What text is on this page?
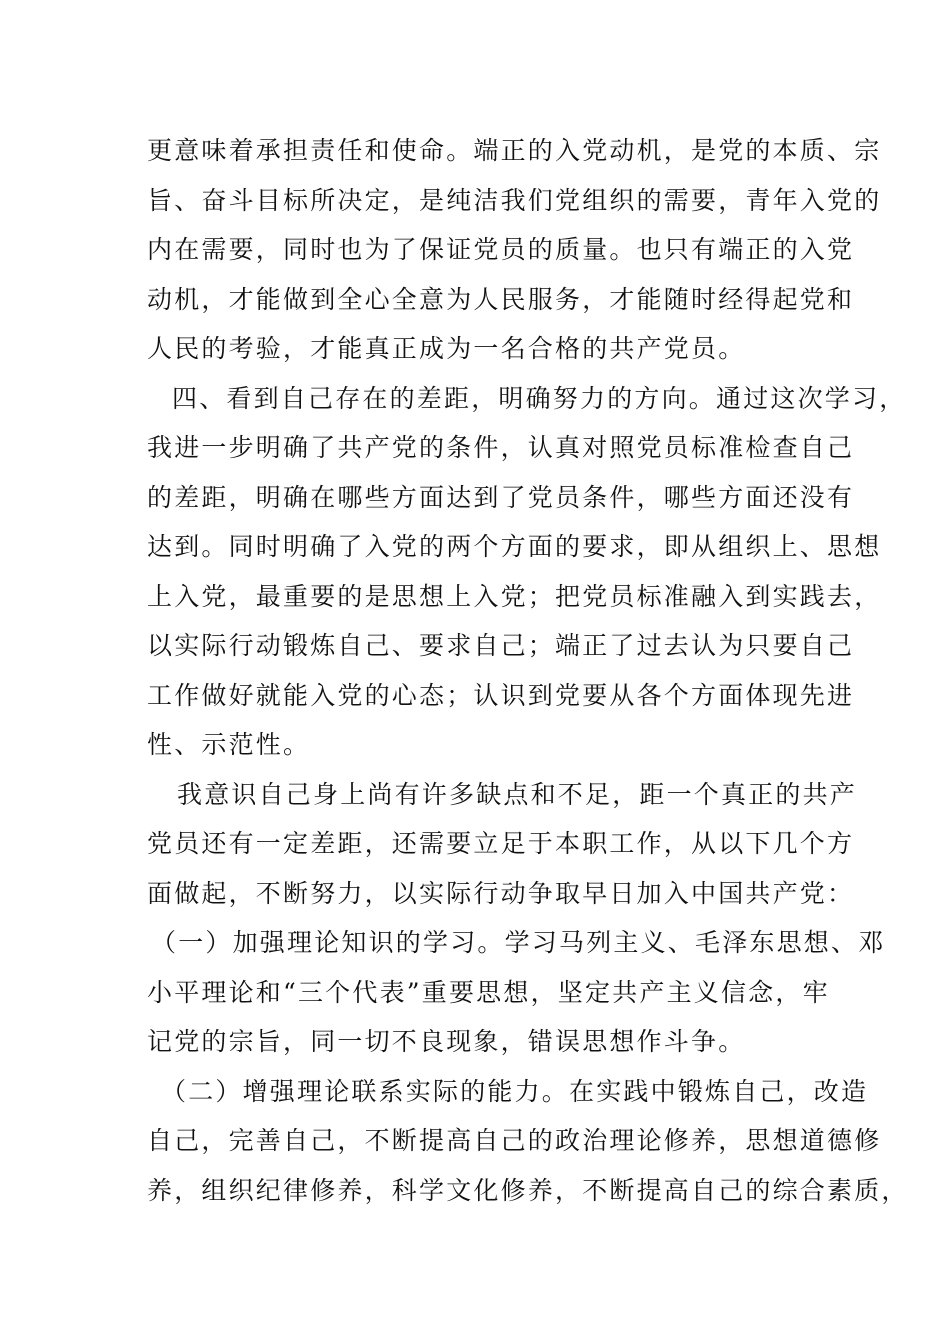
更意味着承担责任和使命。端正的入党动机，是党的本质、宗
旨、奋斗目标所决定，是纯洁我们党组织的需要，青年入党的
内在需要，同时也为了保证党员的质量。也只有端正的入党
动机，才能做到全心全意为人民服务，才能随时经得起党和
人民的考验，才能真正成为一名合格的共产党员。
四、看到自己存在的差距，明确努力的方向。通过这次学习，
我进一步明确了共产党的条件，认真对照党员标准检查自己
的差距，明确在哪些方面达到了党员条件，哪些方面还没有
达到。同时明确了入党的两个方面的要求，即从组织上、思想
上入党，最重要的是思想上入党；把党员标准融入到实践去，
以实际行动锻炼自己、要求自己；端正了过去认为只要自己
工作做好就能入党的心态；认识到党要从各个方面体现先进
性、示范性。
我意识自己身上尚有许多缺点和不足，距一个真正的共产
党员还有一定差距，还需要立足于本职工作，从以下几个方
面做起，不断努力，以实际行动争取早日加入中国共产党：
（一）加强理论知识的学习。学习马列主义、毛泽东思想、邓
小平理论和“三个代表”重要思想，坚定共产主义信念，牢
记党的宗旨，同一切不良现象，错误思想作斗争。
（二）增强理论联系实际的能力。在实践中锻炼自己，改造
自己，完善自己，不断提高自己的政治理论修养，思想道德修
养，组织纪律修养，科学文化修养，不断提高自己的综合素质，
